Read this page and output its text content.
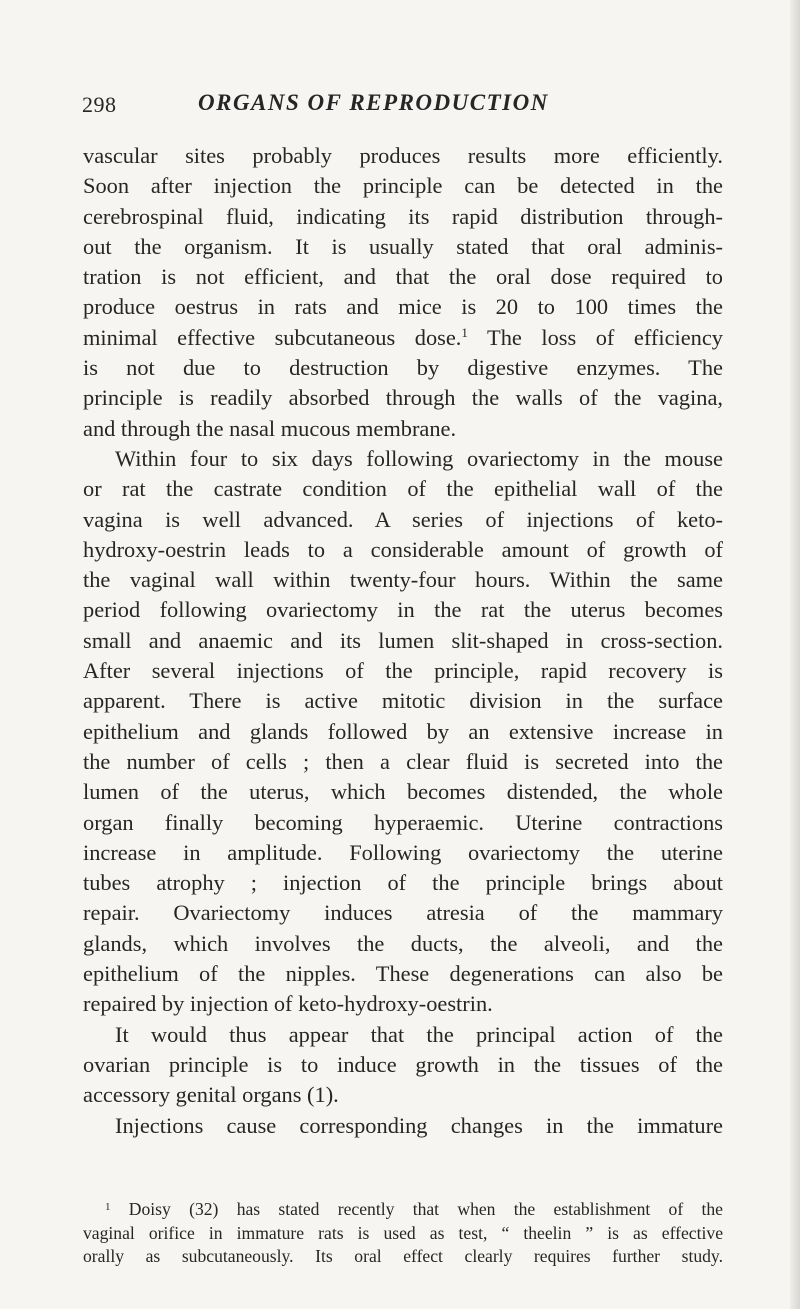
298	ORGANS OF REPRODUCTION
vascular sites probably produces results more efficiently.
Soon after injection the principle can be detected in the
cerebrospinal fluid, indicating its rapid distribution through-
out the organism. It is usually stated that oral adminis-
tration is not efficient, and that the oral dose required to
produce oestrus in rats and mice is 20 to 100 times the
minimal effective subcutaneous dose.$^1$ The loss of efficiency
is not due to destruction by digestive enzymes. The
principle is readily absorbed through the walls of the vagina,
and through the nasal mucous membrane.
Within four to six days following ovariectomy in the mouse
or rat the castrate condition of the epithelial wall of the
vagina is well advanced. A series of injections of keto-
hydroxy-oestrin leads to a considerable amount of growth of
the vaginal wall within twenty-four hours. Within the same
period following ovariectomy in the rat the uterus becomes
small and anaemic and its lumen slit-shaped in cross-section.
After several injections of the principle, rapid recovery is
apparent. There is active mitotic division in the surface
epithelium and glands followed by an extensive increase in
the number of cells ; then a clear fluid is secreted into the
lumen of the uterus, which becomes distended, the whole
organ finally becoming hyperaemic. Uterine contractions
increase in amplitude. Following ovariectomy the uterine
tubes atrophy ; injection of the principle brings about
repair. Ovariectomy induces atresia of the mammary
glands, which involves the ducts, the alveoli, and the
epithelium of the nipples. These degenerations can also be
repaired by injection of keto-hydroxy-oestrin.
It would thus appear that the principal action of the
ovarian principle is to induce growth in the tissues of the
accessory genital organs (1).
Injections cause corresponding changes in the immature
$^1$ Doisy (32) has stated recently that when the establishment of the
vaginal orifice in immature rats is used as test, “ theelin ” is as effective
orally as subcutaneously. Its oral effect clearly requires further study.
